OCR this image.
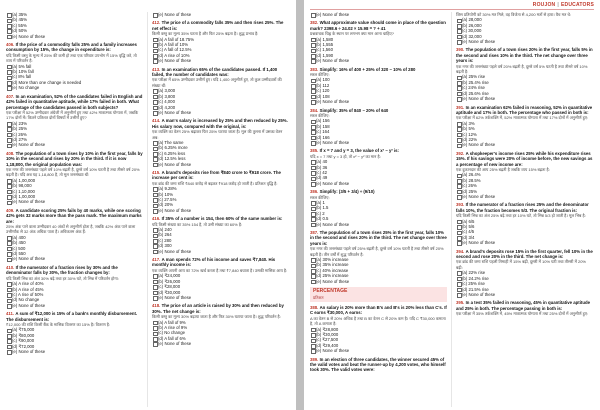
(a) 35%
(b) 45%
(c) 55%
(d) 50%
(e) None of these
406. If the price of a commodity falls 25% and a family increases consumption by 15%, the change in expenditure is:
यदि किसी वस्तु के मूल्य में 25% की कमी हो तथा एक परिवार उपभोग में 15% वृद्धि करे, तो व्यय में परिवर्तन है:
(a) 5% fall
(b) 10% fall
(c) 8% fall
(d) More than one change is needed
(e) No change
407. In an examination, 52% of the candidates failed in English and 42% failed in quantitative aptitude, while 17% failed in both. What percentage of the candidates passed in both subjects?
एक परीक्षा में 52% उम्मीदवार अंग्रेजी में अनुत्तीर्ण हुए तथा 42% मात्रात्मक योग्यता में, जबकि 17% दोनों में। कितने प्रतिशत दोनों विषयों में उत्तीर्ण हुए?
(a) 23%
(b) 25%
(c) 26%
(d) 27%
(e) None of these
408. The population of a town rises by 10% in the first year, falls by 10% in the second and rises by 20% in the third. If it is now 1,18,800, the original population was:
एक नगर की जनसंख्या पहले वर्ष 10% बढ़ती है, दूसरे वर्ष 10% घटती है तथा तीसरे वर्ष 20% बढ़ती है। यदि अब यह 1,18,800 है, तो मूल जनसंख्या थी:
(a) 1,00,000
(b) 98,000
(c) 1,10,000
(d) 1,00,000
(e) None of these
409. A candidate scoring 25% fails by 40 marks, while one scoring 42% gets 32 marks more than the pass mark. The maximum marks are:
25% अंक पाने वाला उम्मीदवार 40 अंकों से अनुत्तीर्ण होता है, जबकि 42% अंक पाने वाला उत्तीर्णांक से 32 अंक अधिक पाता है। अधिकतम अंक हैं:
(a) 400
(b) 450
(c) 500
(d) 550
(e) None of these
410. If the numerator of a fraction rises by 30% and the denominator falls by 30%, the fraction changes by:
यदि किसी भिन्न का अंश 30% बढ़े तथा हर 30% घटे, तो भिन्न में परिवर्तन होगा:
(a) A rise of 40%
(b) A rise of 45%
(c) A rise of 50%
(d) No change
(e) None of these
411. A sum of ₹12,000 is 15% of a bank's monthly disbursement. The disbursement is:
₹12,000 की राशि किसी बैंक के मासिक वितरण का 15% है। वितरण है:
(a) ₹75,000
(b) ₹80,000
(c) ₹90,000
(d) ₹72,000
(e) None of these
(e) None of these
412. The price of a commodity falls 35% and then rises 25%. The net effect is:
किसी वस्तु का मूल्य 35% घटता है और फिर 25% बढ़ता है। शुद्ध प्रभाव है:
(a) A fall of 18.75%
(b) A fall of 10%
(c) A fall of 12.5%
(d) A rise of 10%
(e) None of these
413. In an examination 65% of the candidates passed. If 1,400 failed, the number of candidates was:
एक परीक्षा में 65% उम्मीदवार उत्तीर्ण हुए। यदि 1,400 अनुत्तीर्ण हुए, तो कुल उम्मीदवारों की संख्या थी:
(a) 3,000
(b) 3,800
(c) 4,000
(d) 4,200
(e) None of these
414. A man's salary is increased by 25% and then reduced by 25%. His salary now, compared with the original, is:
एक व्यक्ति का वेतन 25% बढ़ाकर फिर 25% घटाया जाता है। मूल की तुलना में उसका वेतन अब:
(a) The same
(b) 6.25% more
(c) 6.25% less
(d) 12.5% less
(e) None of these
415. A brand's deposits rise from ₹840 crore to ₹918 crore. The increase per cent is:
एक ब्रांड की जमा राशि ₹840 करोड़ से बढ़कर ₹918 करोड़ हो जाती है। प्रतिशत वृद्धि है:
(a) 9.28%
(b) 10%
(c) 27.5%
(d) 20%
(e) None of these
416. If 35% of a number is 154, then 60% of the same number is:
यदि किसी संख्या का 35% 154 है, तो उसी संख्या का 60% है:
(a) 240
(b) 264
(c) 280
(d) 300
(e) None of these
417. A man spends 72% of his income and saves ₹7,840. His monthly income is:
एक व्यक्ति अपनी आय का 72% खर्च करता है तथा ₹7,840 बचाता है। उसकी मासिक आय है:
(a) ₹24,000
(b) ₹26,000
(c) ₹28,000
(d) ₹30,000
(e) None of these
418. The price of an article is raised by 30% and then reduced by 30%. The net change is:
किसी वस्तु का मूल्य 30% बढ़ाया जाता है और फिर 30% घटाया जाता है। शुद्ध परिवर्तन है:
(a) A fall of 9%
(b) A rise of 9%
(c) No change
(d) A fall of 6%
(e) None of these
ROUJON | EDUCATORS
(e) None of these
382. What approximate value should come in place of the question mark? 2398.6 ÷ 24.02 × 15.98 = ? + 41
प्रश्नवाचक चिह्न के स्थान पर लगभग क्या मान आना चाहिए?
(a) 1,580
(b) 1,555
(c) 1,560
(d) 1,590
(e) None of these
383. Simplify: 16% of 400 + 25% of 320 − 10% of 280
सरल कीजिए:
(a) 100
(b) 112
(c) 120
(d) 108
(e) None of these
384. Simplify: 35% of 840 − 20% of 640
सरल कीजिए:
(a) 156
(b) 158
(c) 164
(d) 166
(e) None of these
385. If x = 7 and y = 3, the value of x² − y² is:
यदि x = 7 तथा y = 3 हो, तो x² − y² का मान है:
(a) 40
(b) 36
(c) 42
(d) 49
(e) None of these
386. Simplify: (3/5 + 3/4) ÷ (9/10)
सरल कीजिए:
(a) 1
(b) 1.5
(c) 2
(d) 0.5
(e) None of these
387. The population of a town rises 25% in the first year, falls 10% in the second and rises 20% in the third. The net change over three years is:
एक नगर की जनसंख्या पहले वर्ष 25% बढ़ती है, दूसरे वर्ष 10% घटती है तथा तीसरे वर्ष 20% बढ़ती है। तीन वर्षों में शुद्ध परिवर्तन है:
(a) 30% increase
(b) 35% increase
(c) 40% increase
(d) 25% increase
(e) None of these
PERCENTAGE
प्रतिशत
388. An salary is 20% more than B's and B's is 20% less than C's. If C earns ₹30,000, A earns:
A का वेतन B से 20% अधिक है तथा B का वेतन C से 20% कम है। यदि C ₹30,000 कमाता है, तो A कमाता है:
(a) ₹28,800
(b) ₹30,000
(c) ₹27,500
(d) ₹29,400
(e) None of these
389. In an election of three candidates, the winner secured 45% of the valid votes and beat the runner-up by 4,200 votes, who himself took 30%. The valid votes were:
जिस प्रतियोगी को 30% मत मिले, वह विजेता से 4,200 मतों से हारा। वैध मत थे:
(a) 28,000
(b) 26,000
(c) 30,000
(d) 32,000
(e) None of these
390. The population of a town rises 20% in the first year, falls 5% in the second and rises 10% in the third. The net change over three years is:
एक नगर की जनसंख्या पहले वर्ष 20% बढ़ती है, दूसरे वर्ष 5% घटती है तथा तीसरे वर्ष 10% बढ़ती है:
(a) 25% rise
(b) 25.4% rise
(c) 24% rise
(d) 25.6% rise
(e) None of these
391. In an examination 62% failed in reasoning, 52% in quantitative aptitude and 17% in both. The percentage who passed in both is:
एक परीक्षा में 62% तर्कशक्ति में, 52% मात्रात्मक योग्यता में तथा 17% दोनों में अनुत्तीर्ण हुए:
(a) 3%
(b) 5%
(c) 12%
(d) 22%
(e) None of these
392. A shopkeeper's income rises 25% while his expenditure rises 15%. If his savings were 20% of income before, the new savings as a percentage of new income are:
एक दुकानदार की आय 25% बढ़ती है जबकि व्यय 15% बढ़ता है:
(a) 26.4%
(b) 28.5%
(c) 26%
(d) 25%
(e) None of these
393. If the numerator of a fraction rises 25% and the denominator falls 10%, the fraction becomes 5/3. The original fraction is:
यदि किसी भिन्न का अंश 25% बढ़े तथा हर 10% घटे, तो भिन्न 5/3 हो जाती है। मूल भिन्न है:
(a) 6/5
(b) 5/6
(c) 4/5
(d) 3/4
(e) None of these
394. A brand's deposits rose 15% in the first quarter, fell 10% in the second and rose 20% in the third. The net change is:
एक ब्रांड की जमा राशि पहली तिमाही में 15% बढ़ी, दूसरी में 10% घटी तथा तीसरी में 20% बढ़ी:
(a) 22% rise
(b) 24.2% rise
(c) 25% rise
(d) 21.5% rise
(e) None of these
395. In a test 35% failed in reasoning, 45% in quantitative aptitude and 25% in both. The percentage passing in both is:
एक परीक्षा में 35% तर्कशक्ति में, 45% मात्रात्मक योग्यता में तथा 25% दोनों में अनुत्तीर्ण हुए:
